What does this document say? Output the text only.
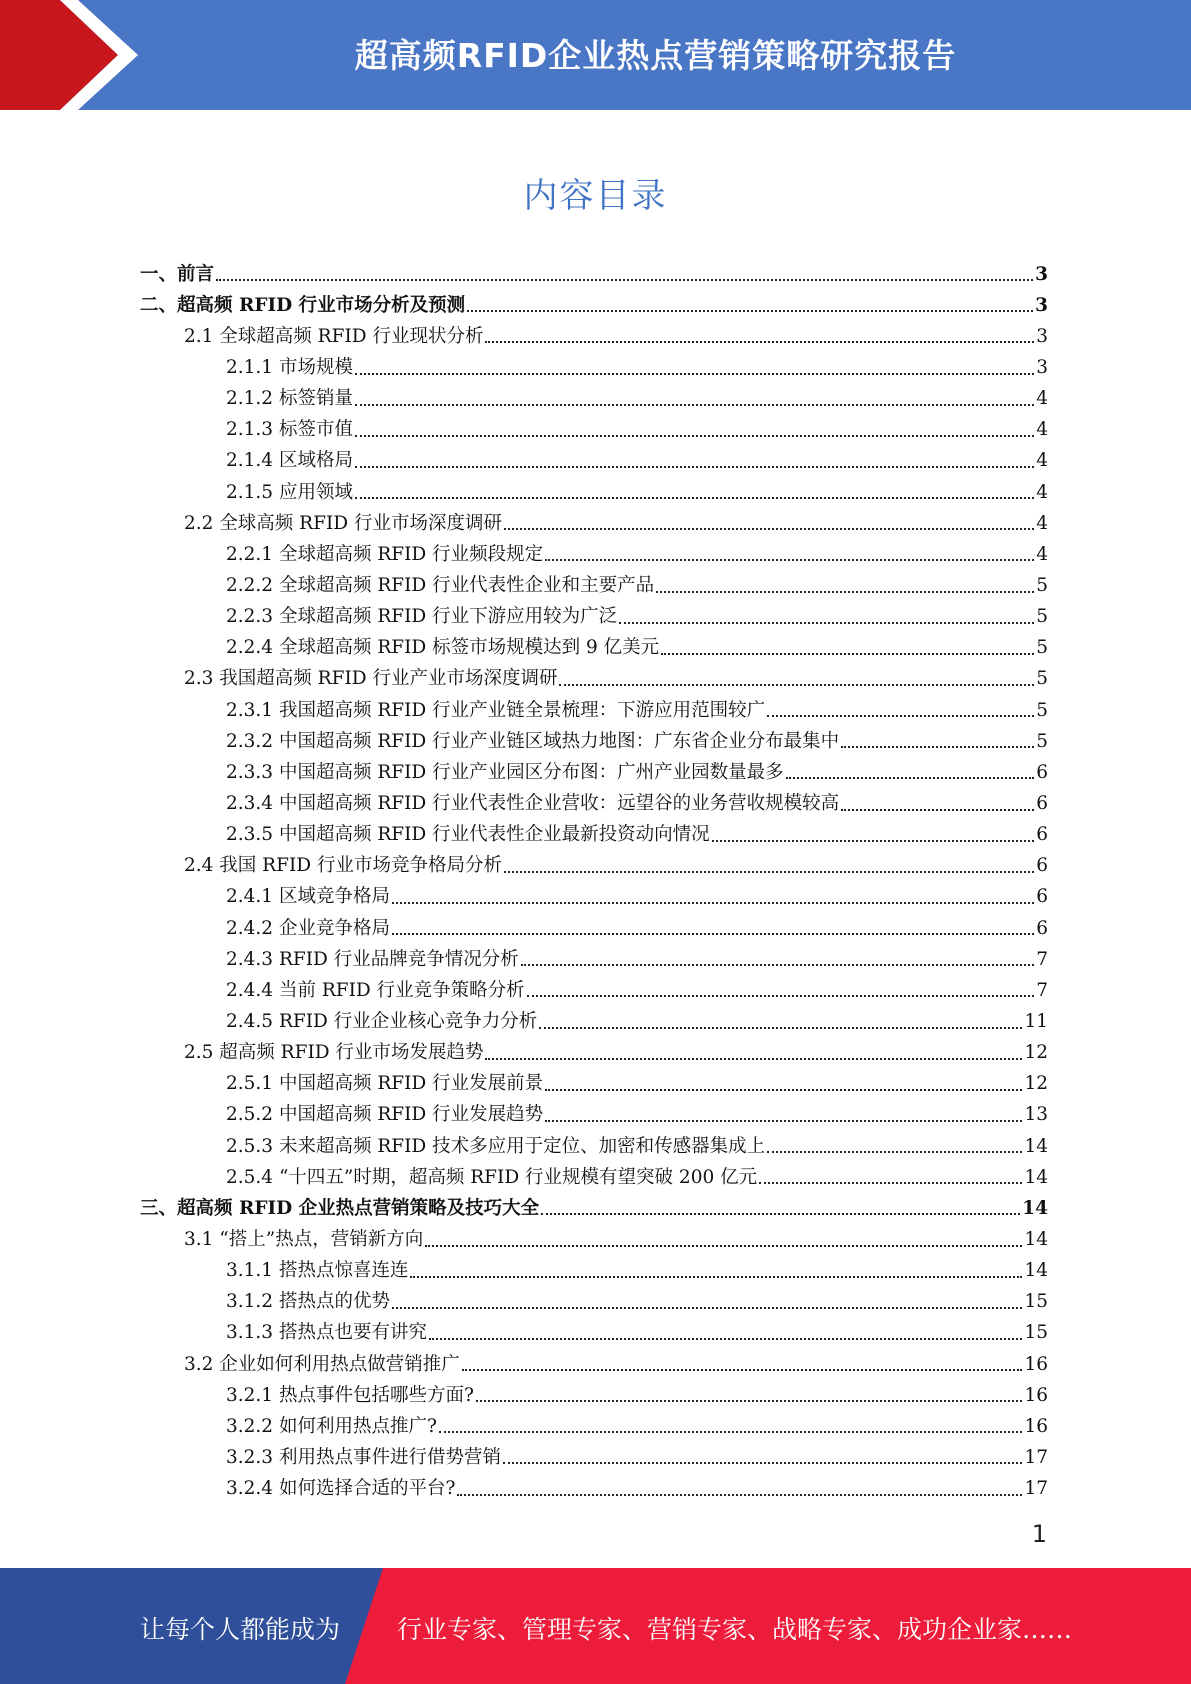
超高频RFID企业热点营销策略研究报告
内容目录
一、前言	3
二、超高频 RFID 行业市场分析及预测	3
2.1 全球超高频 RFID 行业现状分析	3
2.1.1 市场规模	3
2.1.2 标签销量	4
2.1.3 标签市值	4
2.1.4 区域格局	4
2.1.5 应用领域	4
2.2 全球高频 RFID 行业市场深度调研	4
2.2.1 全球超高频 RFID 行业频段规定	4
2.2.2 全球超高频 RFID 行业代表性企业和主要产品	5
2.2.3 全球超高频 RFID 行业下游应用较为广泛	5
2.2.4 全球超高频 RFID 标签市场规模达到 9 亿美元	5
2.3 我国超高频 RFID 行业产业市场深度调研	5
2.3.1 我国超高频 RFID 行业产业链全景梳理：下游应用范围较广	5
2.3.2 中国超高频 RFID 行业产业链区域热力地图：广东省企业分布最集中	5
2.3.3 中国超高频 RFID 行业产业园区分布图：广州产业园数量最多	6
2.3.4 中国超高频 RFID 行业代表性企业营收：远望谷的业务营收规模较高	6
2.3.5 中国超高频 RFID 行业代表性企业最新投资动向情况	6
2.4 我国 RFID 行业市场竞争格局分析	6
2.4.1 区域竞争格局	6
2.4.2 企业竞争格局	6
2.4.3 RFID 行业品牌竞争情况分析	7
2.4.4 当前 RFID 行业竞争策略分析	7
2.4.5 RFID 行业企业核心竞争力分析	11
2.5 超高频 RFID 行业市场发展趋势	12
2.5.1 中国超高频 RFID 行业发展前景	12
2.5.2 中国超高频 RFID 行业发展趋势	13
2.5.3 未来超高频 RFID 技术多应用于定位、加密和传感器集成上	14
2.5.4 “十四五”时期，超高频 RFID 行业规模有望突破 200 亿元	14
三、超高频 RFID 企业热点营销策略及技巧大全	14
3.1 “搭上”热点，营销新方向	14
3.1.1 搭热点惊喜连连	14
3.1.2 搭热点的优势	15
3.1.3 搭热点也要有讲究	15
3.2 企业如何利用热点做营销推广	16
3.2.1 热点事件包括哪些方面?	16
3.2.2 如何利用热点推广?	16
3.2.3 利用热点事件进行借势营销	17
3.2.4 如何选择合适的平台?	17
1
让每个人都能成为 行业专家、管理专家、营销专家、战略专家、成功企业家……
